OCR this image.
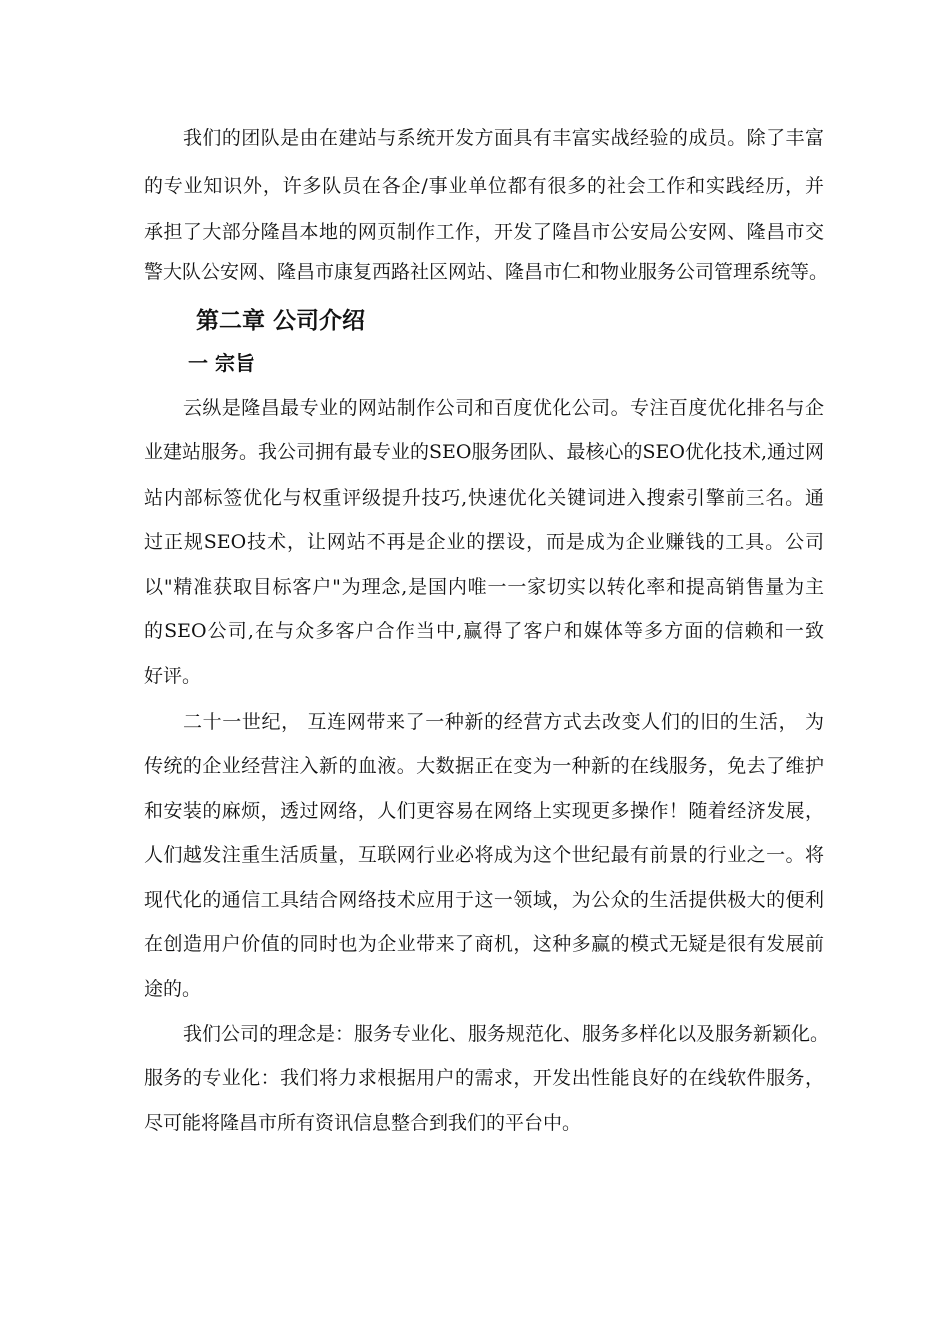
我们的团队是由在建站与系统开发方面具有丰富实战经验的成员。除了丰富
的专业知识外，许多队员在各企/事业单位都有很多的社会工作和实践经历，并
承担了大部分隆昌本地的网页制作工作，开发了隆昌市公安局公安网、隆昌市交
警大队公安网、隆昌市康复西路社区网站、隆昌市仁和物业服务公司管理系统等。
第二章 公司介绍
一 宗旨
云纵是隆昌最专业的网站制作公司和百度优化公司。专注百度优化排名与企
业建站服务。我公司拥有最专业的SEO服务团队、最核心的SEO优化技术,通过网
站内部标签优化与权重评级提升技巧,快速优化关键词进入搜索引擎前三名。通
过正规SEO技术，让网站不再是企业的摆设，而是成为企业赚钱的工具。公司
以"精准获取目标客户"为理念,是国内唯一一家切实以转化率和提高销售量为主
的SEO公司,在与众多客户合作当中,赢得了客户和媒体等多方面的信赖和一致
好评。
二十一世纪， 互连网带来了一种新的经营方式去改变人们的旧的生活， 为
传统的企业经营注入新的血液。大数据正在变为一种新的在线服务，免去了维护
和安装的麻烦，透过网络，人们更容易在网络上实现更多操作！随着经济发展，
人们越发注重生活质量，互联网行业必将成为这个世纪最有前景的行业之一。将
现代化的通信工具结合网络技术应用于这一领域，为公众的生活提供极大的便利
在创造用户价值的同时也为企业带来了商机，这种多赢的模式无疑是很有发展前
途的。
我们公司的理念是：服务专业化、服务规范化、服务多样化以及服务新颖化。
服务的专业化：我们将力求根据用户的需求，开发出性能良好的在线软件服务，
尽可能将隆昌市所有资讯信息整合到我们的平台中。
